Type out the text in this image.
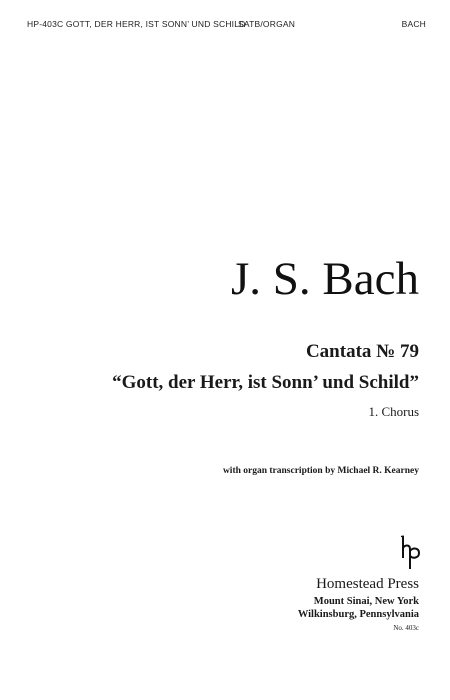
HP-403C GOTT, DER HERR, IST SONN’ UND SCHILD
SATB/ORGAN	BACH
J. S. Bach
Cantata № 79
“Gott, der Herr, ist Sonn’ und Schild”
1. Chorus
with organ transcription by Michael R. Kearney
Homestead Press
Mount Sinai, New York
Wilkinsburg, Pennsylvania
No. 403c
